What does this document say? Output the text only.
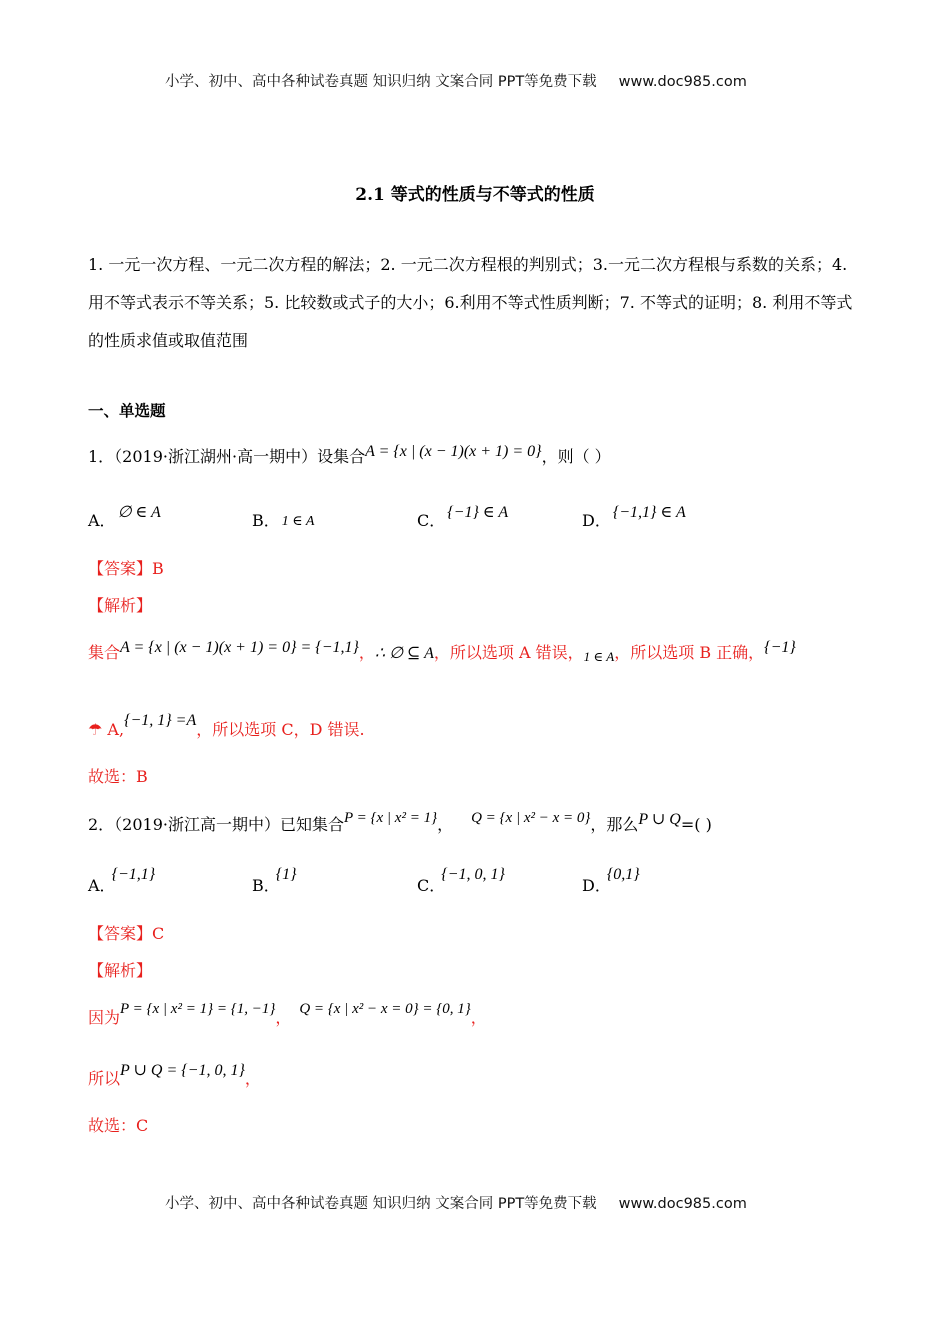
小学、初中、高中各种试卷真题 知识归纳 文案合同 PPT等免费下载 www.doc985.com
2.1 等式的性质与不等式的性质
1. 一元一次方程、一元二次方程的解法；2. 一元二次方程根的判别式；3.一元二次方程根与系数的关系；4. 用不等式表示不等关系；5. 比较数或式子的大小；6.利用不等式性质判断；7. 不等式的证明；8. 利用不等式的性质求值或取值范围
一、单选题
1．（2019·浙江湖州·高一期中）设集合A = {x | (x − 1)(x + 1) = 0}，则（ ）
A． ∅ ∈ A	B． 1 ∈ A	C． {−1} ∈ A	D． {−1,1} ∈ A
【答案】B
【解析】
集合A = {x | (x − 1)(x + 1) = 0} = {−1,1}，∴ ∅ ⊆ A，所以选项 A 错误，1 ∈ A，所以选项 B 正确，{−1}
☂ A,{−1, 1} =A，所以选项 C，D 错误.
故选：B
2．（2019·浙江高一期中）已知集合P = {x | x² = 1}， Q = {x | x² − x = 0}，那么P ∪ Q=( )
A．{−1,1}
B．{1}
C．{−1, 0, 1}
D．{0,1}
【答案】C
【解析】
因为P = {x | x² = 1} = {1, −1}， Q = {x | x² − x = 0} = {0, 1}，
所以P ∪ Q = {−1, 0, 1}，
故选：C
小学、初中、高中各种试卷真题 知识归纳 文案合同 PPT等免费下载 www.doc985.com
